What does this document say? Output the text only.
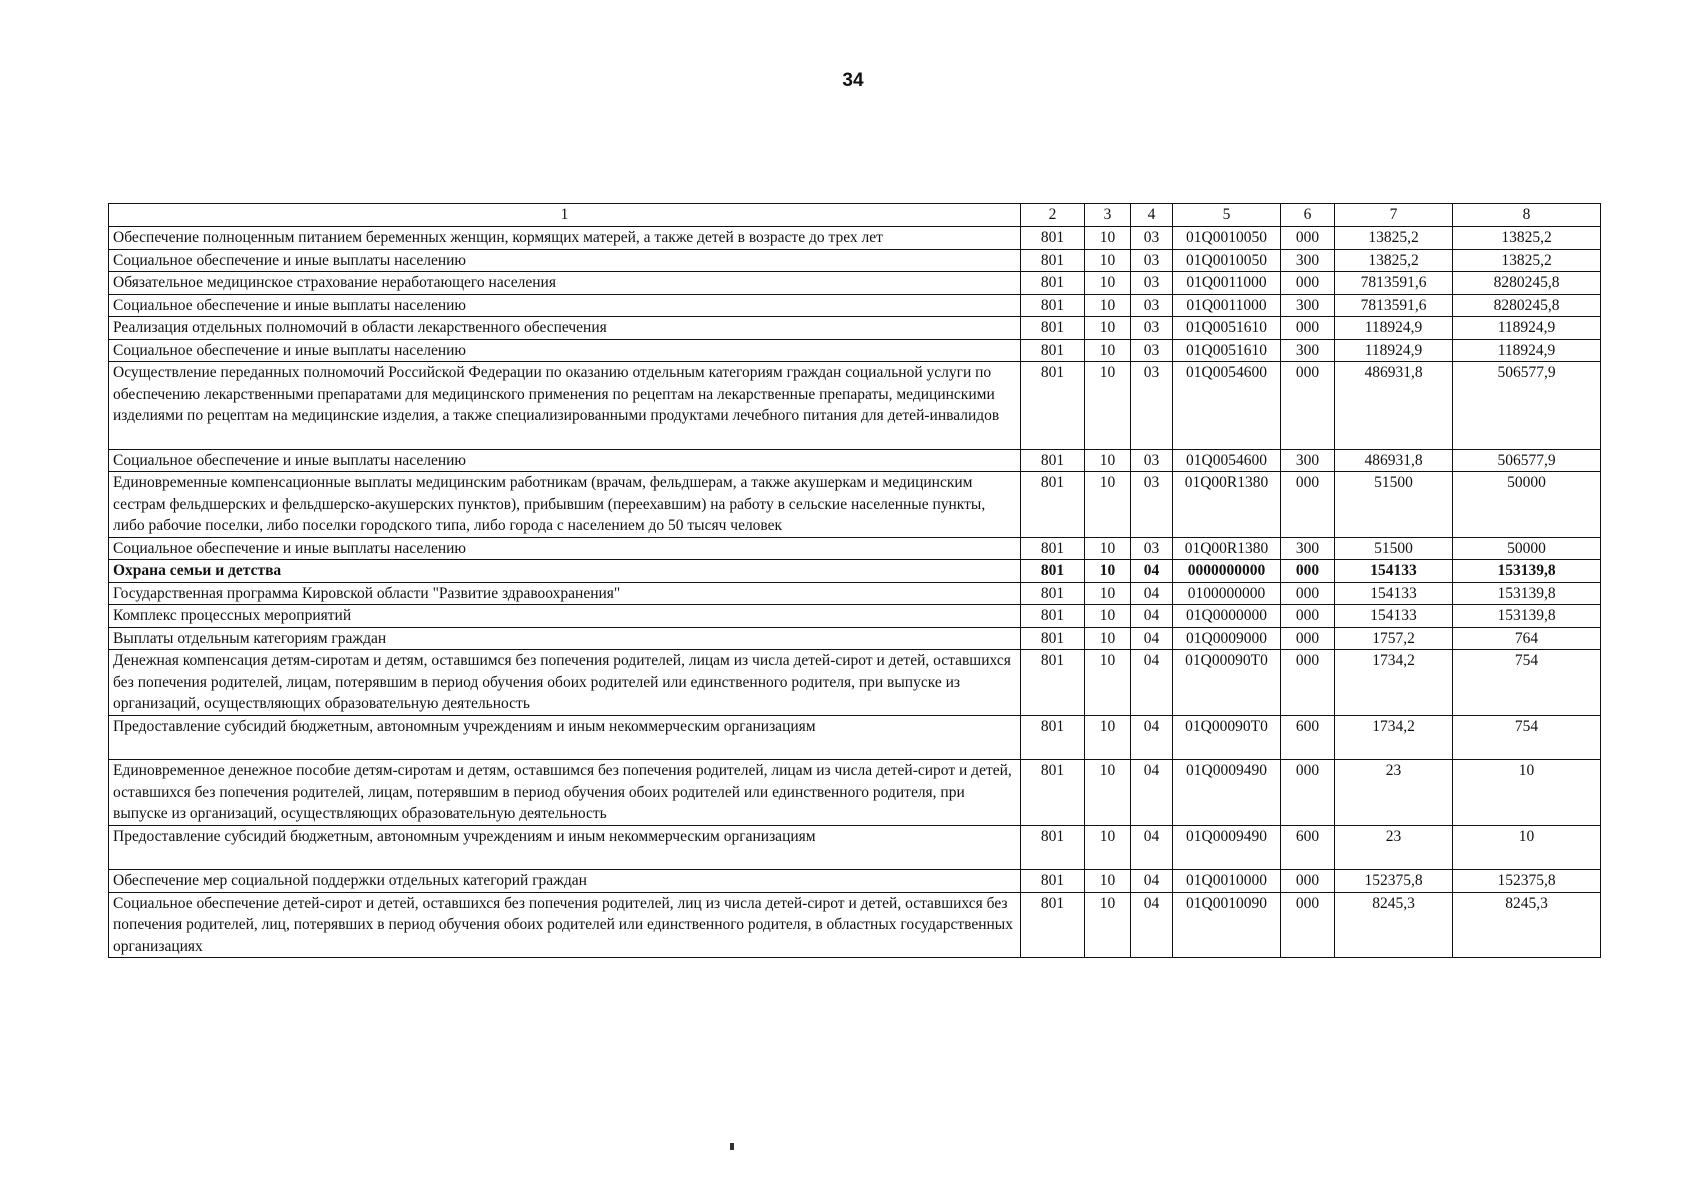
34
1	2	3	4	5	6	7	8
Обеспечение полноценным питанием беременных женщин, кормящих матерей, а также детей в возрасте до трех лет	801	10	03	01Q0010050	000	13825,2	13825,2
Социальное обеспечение и иные выплаты населению	801	10	03	01Q0010050	300	13825,2	13825,2
Обязательное медицинское страхование неработающего населения	801	10	03	01Q0011000	000	7813591,6	8280245,8
Социальное обеспечение и иные выплаты населению	801	10	03	01Q0011000	300	7813591,6	8280245,8
Реализация отдельных полномочий в области лекарственного обеспечения	801	10	03	01Q0051610	000	118924,9	118924,9
Социальное обеспечение и иные выплаты населению	801	10	03	01Q0051610	300	118924,9	118924,9
Осуществление переданных полномочий Российской Федерации по оказанию отдельным категориям граждан социальной услуги по обеспечению лекарственными препаратами для медицинского применения по рецептам на лекарственные препараты, медицинскими изделиями по рецептам на медицинские изделия, а также специализированными продуктами лечебного питания для детей-инвалидов	801	10	03	01Q0054600	000	486931,8	506577,9
Социальное обеспечение и иные выплаты населению	801	10	03	01Q0054600	300	486931,8	506577,9
Единовременные компенсационные выплаты медицинским работникам (врачам, фельдшерам, а также акушеркам и медицинским сестрам фельдшерских и фельдшерско-акушерских пунктов), прибывшим (переехавшим) на работу в сельские населенные пункты, либо рабочие поселки, либо поселки городского типа, либо города с населением до 50 тысяч человек	801	10	03	01Q00R1380	000	51500	50000
Социальное обеспечение и иные выплаты населению	801	10	03	01Q00R1380	300	51500	50000
Охрана семьи и детства	801	10	04	0000000000	000	154133	153139,8
Государственная программа Кировской области "Развитие здравоохранения"	801	10	04	0100000000	000	154133	153139,8
Комплекс процессных мероприятий	801	10	04	01Q0000000	000	154133	153139,8
Выплаты отдельным категориям граждан	801	10	04	01Q0009000	000	1757,2	764
Денежная компенсация детям-сиротам и детям, оставшимся без попечения родителей, лицам из числа детей-сирот и детей, оставшихся без попечения родителей, лицам, потерявшим в период обучения обоих родителей или единственного родителя, при выпуске из организаций, осуществляющих образовательную деятельность	801	10	04	01Q00090T0	000	1734,2	754
Предоставление субсидий бюджетным, автономным учреждениям и иным некоммерческим организациям	801	10	04	01Q00090T0	600	1734,2	754
Единовременное денежное пособие детям-сиротам и детям, оставшимся без попечения родителей, лицам из числа детей-сирот и детей, оставшихся без попечения родителей, лицам, потерявшим в период обучения обоих родителей или единственного родителя, при выпуске из организаций, осуществляющих образовательную деятельность	801	10	04	01Q0009490	000	23	10
Предоставление субсидий бюджетным, автономным учреждениям и иным некоммерческим организациям	801	10	04	01Q0009490	600	23	10
Обеспечение мер социальной поддержки отдельных категорий граждан	801	10	04	01Q0010000	000	152375,8	152375,8
Социальное обеспечение детей-сирот и детей, оставшихся без попечения родителей, лиц из числа детей-сирот и детей, оставшихся без попечения родителей, лиц, потерявших в период обучения обоих родителей или единственного родителя, в областных государственных организациях	801	10	04	01Q0010090	000	8245,3	8245,3
